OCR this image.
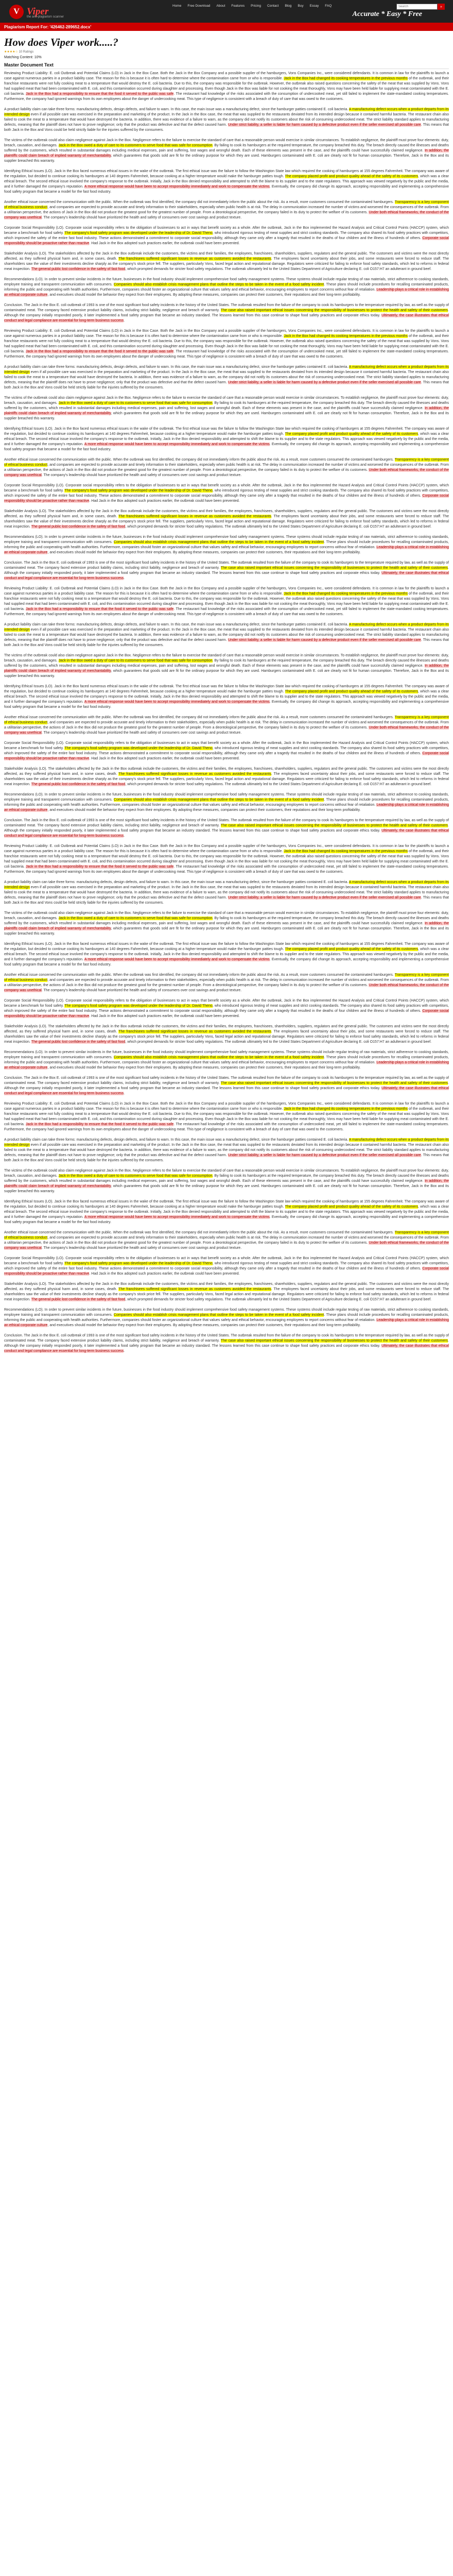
V Viper
the anti-plagiarism scanner
Home	Free Download	About	Features	Pricing	Contact	Blog	Buy	Essay	FAQ
Search	»
Accurate * Easy * Free
Plagiarism Report For: '426462-289652.docx'
How does Viper work.....?
★★★★☆ 10 Ratings
Matching Content: 10%
Master Document Text

Reviewing Product Liability: E. coli Outbreak and Potential Claims (LO) in Jack in the Box Case. Both the Jack in the Box Company and a possible supplier of the hamburgers, Vons Companies Inc., were considered defendants. It is common in law for the plaintiffs to launch a case against numerous parties in a product liability case. The reason for this is because it is often hard to determine where the contamination came from or who is responsible. Jack in the Box had changed its cooking temperatures in the previous months of the outbreak, and their franchise restaurants were not fully cooking meat to a temperature that would destroy the E. coli bacteria. Due to this, the company was responsible for the outbreak. However, the outbreak also raised questions concerning the safety of the meat that was supplied by Vons. Vons had supplied meat that had been contaminated with E. coli, and this contamination occurred during slaughter and processing. Even though Jack in the Box was liable for not cooking the meat thoroughly, Vons may have been held liable for supplying meat contaminated with the E. coli bacteria. Jack in the Box had a responsibility to ensure that the food it served to the public was safe. The restaurant had knowledge of the risks associated with the consumption of undercooked meat, yet still failed to implement the state-mandated cooking temperatures. Furthermore, the company had ignored warnings from its own employees about the danger of undercooking meat. This type of negligence is consistent with a breach of duty of care that was owed to the customers.

A product liability claim can take three forms: manufacturing defects, design defects, and failure to warn. In this case, the main issue was a manufacturing defect, since the hamburger patties contained E. coli bacteria. A manufacturing defect occurs when a product departs from its intended design even if all possible care was exercised in the preparation and marketing of the product. In the Jack in the Box case, the meat that was supplied to the restaurants deviated from its intended design because it contained harmful bacteria. The restaurant chain also failed to cook the meat to a temperature that would have destroyed the bacteria. In addition, there was evidence of a failure to warn, as the company did not notify its customers about the risk of consuming undercooked meat. The strict liability standard applies to manufacturing defects, meaning that the plaintiff does not have to prove negligence; only that the product was defective and that the defect caused harm. Under strict liability, a seller is liable for harm caused by a defective product even if the seller exercised all possible care. This means that both Jack in the Box and Vons could be held strictly liable for the injuries suffered by the consumers.

The victims of the outbreak could also claim negligence against Jack in the Box. Negligence refers to the failure to exercise the standard of care that a reasonable person would exercise in similar circumstances. To establish negligence, the plaintiff must prove four elements: duty, breach, causation, and damages. Jack in the Box owed a duty of care to its customers to serve food that was safe for consumption. By failing to cook its hamburgers at the required temperature, the company breached this duty. The breach directly caused the illnesses and deaths suffered by the customers, which resulted in substantial damages including medical expenses, pain and suffering, lost wages and wrongful death. Each of these elements was present in the case, and the plaintiffs could have successfully claimed negligence. In addition, the plaintiffs could claim breach of implied warranty of merchantability, which guarantees that goods sold are fit for the ordinary purpose for which they are used. Hamburgers contaminated with E. coli are clearly not fit for human consumption. Therefore, Jack in the Box and its supplier breached this warranty.

Identifying Ethical Issues (LO). Jack in the Box faced numerous ethical issues in the wake of the outbreak. The first ethical issue was the failure to follow the Washington State law which required the cooking of hamburgers at 155 degrees Fahrenheit. The company was aware of the regulation, but decided to continue cooking its hamburgers at 140 degrees Fahrenheit, because cooking at a higher temperature would make the hamburger patties tough. The company placed profit and product quality ahead of the safety of its customers, which was a clear ethical breach. The second ethical issue involved the company's response to the outbreak. Initially, Jack in the Box denied responsibility and attempted to shift the blame to its supplier and to the state regulators. This approach was viewed negatively by the public and the media, and it further damaged the company's reputation. A more ethical response would have been to accept responsibility immediately and work to compensate the victims. Eventually, the company did change its approach, accepting responsibility and implementing a comprehensive food safety program that became a model for the fast food industry.

Another ethical issue concerned the communication with the public. When the outbreak was first identified, the company did not immediately inform the public about the risk. As a result, more customers consumed the contaminated hamburgers. Transparency is a key component of ethical business conduct, and companies are expected to provide accurate and timely information to their stakeholders, especially when public health is at risk. The delay in communication increased the number of victims and worsened the consequences of the outbreak. From a utilitarian perspective, the actions of Jack in the Box did not produce the greatest good for the greatest number of people. From a deontological perspective, the company failed in its duty to protect the welfare of its customers. Under both ethical frameworks, the conduct of the company was unethical. The company's leadership should have prioritized the health and safety of consumers over cost savings and product texture.

Corporate Social Responsibility (LO). Corporate social responsibility refers to the obligation of businesses to act in ways that benefit society as a whole. After the outbreak, Jack in the Box implemented the Hazard Analysis and Critical Control Points (HACCP) system, which became a benchmark for food safety. The company's food safety program was developed under the leadership of Dr. David Theno, who introduced rigorous testing of meat supplies and strict cooking standards. The company also shared its food safety practices with competitors, which improved the safety of the entire fast food industry. These actions demonstrated a commitment to corporate social responsibility, although they came only after a tragedy that resulted in the deaths of four children and the illness of hundreds of others. Corporate social responsibility should be proactive rather than reactive. Had Jack in the Box adopted such practices earlier, the outbreak could have been prevented.

Stakeholder Analysis (LO). The stakeholders affected by the Jack in the Box outbreak include the customers, the victims and their families, the employees, franchisees, shareholders, suppliers, regulators and the general public. The customers and victims were the most directly affected, as they suffered physical harm and, in some cases, death. The franchisees suffered significant losses in revenue as customers avoided the restaurants. The employees faced uncertainty about their jobs, and some restaurants were forced to reduce staff. The shareholders saw the value of their investments decline sharply as the company's stock price fell. The suppliers, particularly Vons, faced legal action and reputational damage. Regulators were criticized for failing to enforce food safety standards, which led to reforms in federal meat inspection. The general public lost confidence in the safety of fast food, which prompted demands for stricter food safety regulations. The outbreak ultimately led to the United States Department of Agriculture declaring E. coli O157:H7 an adulterant in ground beef.

Recommendations (LO). In order to prevent similar incidents in the future, businesses in the food industry should implement comprehensive food safety management systems. These systems should include regular testing of raw materials, strict adherence to cooking standards, employee training and transparent communication with consumers. Companies should also establish crisis management plans that outline the steps to be taken in the event of a food safety incident. These plans should include procedures for recalling contaminated products, informing the public and cooperating with health authorities. Furthermore, companies should foster an organizational culture that values safety and ethical behavior, encouraging employees to report concerns without fear of retaliation. Leadership plays a critical role in establishing an ethical corporate culture, and executives should model the behavior they expect from their employees. By adopting these measures, companies can protect their customers, their reputations and their long-term profitability.

Conclusion. The Jack in the Box E. coli outbreak of 1993 is one of the most significant food safety incidents in the history of the United States. The outbreak resulted from the failure of the company to cook its hamburgers to the temperature required by law, as well as the supply of contaminated meat. The company faced extensive product liability claims, including strict liability, negligence and breach of warranty. The case also raised important ethical issues concerning the responsibility of businesses to protect the health and safety of their customers. Although the company initially responded poorly, it later implemented a food safety program that became an industry standard. The lessons learned from this case continue to shape food safety practices and corporate ethics today. Ultimately, the case illustrates that ethical conduct and legal compliance are essential for long-term business success.

Reviewing Product Liability: E. coli Outbreak and Potential Claims (LO) in Jack in the Box Case. Both the Jack in the Box Company and a possible supplier of the hamburgers, Vons Companies Inc., were considered defendants. It is common in law for the plaintiffs to launch a case against numerous parties in a product liability case. The reason for this is because it is often hard to determine where the contamination came from or who is responsible. Jack in the Box had changed its cooking temperatures in the previous months of the outbreak, and their franchise restaurants were not fully cooking meat to a temperature that would destroy the E. coli bacteria. Due to this, the company was responsible for the outbreak. However, the outbreak also raised questions concerning the safety of the meat that was supplied by Vons. Vons had supplied meat that had been contaminated with E. coli, and this contamination occurred during slaughter and processing. Even though Jack in the Box was liable for not cooking the meat thoroughly, Vons may have been held liable for supplying meat contaminated with the E. coli bacteria. Jack in the Box had a responsibility to ensure that the food it served to the public was safe. The restaurant had knowledge of the risks associated with the consumption of undercooked meat, yet still failed to implement the state-mandated cooking temperatures. Furthermore, the company had ignored warnings from its own employees about the danger of undercooking meat. This type of negligence is consistent with a breach of duty of care that was owed to the customers.

A product liability claim can take three forms: manufacturing defects, design defects, and failure to warn. In this case, the main issue was a manufacturing defect, since the hamburger patties contained E. coli bacteria. A manufacturing defect occurs when a product departs from its intended design even if all possible care was exercised in the preparation and marketing of the product. In the Jack in the Box case, the meat that was supplied to the restaurants deviated from its intended design because it contained harmful bacteria. The restaurant chain also failed to cook the meat to a temperature that would have destroyed the bacteria. In addition, there was evidence of a failure to warn, as the company did not notify its customers about the risk of consuming undercooked meat. The strict liability standard applies to manufacturing defects, meaning that the plaintiff does not have to prove negligence; only that the product was defective and that the defect caused harm. Under strict liability, a seller is liable for harm caused by a defective product even if the seller exercised all possible care. This means that both Jack in the Box and Vons could be held strictly liable for the injuries suffered by the consumers.

The victims of the outbreak could also claim negligence against Jack in the Box. Negligence refers to the failure to exercise the standard of care that a reasonable person would exercise in similar circumstances. To establish negligence, the plaintiff must prove four elements: duty, breach, causation, and damages. Jack in the Box owed a duty of care to its customers to serve food that was safe for consumption. By failing to cook its hamburgers at the required temperature, the company breached this duty. The breach directly caused the illnesses and deaths suffered by the customers, which resulted in substantial damages including medical expenses, pain and suffering, lost wages and wrongful death. Each of these elements was present in the case, and the plaintiffs could have successfully claimed negligence. In addition, the plaintiffs could claim breach of implied warranty of merchantability, which guarantees that goods sold are fit for the ordinary purpose for which they are used. Hamburgers contaminated with E. coli are clearly not fit for human consumption. Therefore, Jack in the Box and its supplier breached this warranty.

Identifying Ethical Issues (LO). Jack in the Box faced numerous ethical issues in the wake of the outbreak. The first ethical issue was the failure to follow the Washington State law which required the cooking of hamburgers at 155 degrees Fahrenheit. The company was aware of the regulation, but decided to continue cooking its hamburgers at 140 degrees Fahrenheit, because cooking at a higher temperature would make the hamburger patties tough. The company placed profit and product quality ahead of the safety of its customers, which was a clear ethical breach. The second ethical issue involved the company's response to the outbreak. Initially, Jack in the Box denied responsibility and attempted to shift the blame to its supplier and to the state regulators. This approach was viewed negatively by the public and the media, and it further damaged the company's reputation. A more ethical response would have been to accept responsibility immediately and work to compensate the victims. Eventually, the company did change its approach, accepting responsibility and implementing a comprehensive food safety program that became a model for the fast food industry.

Another ethical issue concerned the communication with the public. When the outbreak was first identified, the company did not immediately inform the public about the risk. As a result, more customers consumed the contaminated hamburgers. Transparency is a key component of ethical business conduct, and companies are expected to provide accurate and timely information to their stakeholders, especially when public health is at risk. The delay in communication increased the number of victims and worsened the consequences of the outbreak. From a utilitarian perspective, the actions of Jack in the Box did not produce the greatest good for the greatest number of people. From a deontological perspective, the company failed in its duty to protect the welfare of its customers. Under both ethical frameworks, the conduct of the company was unethical. The company's leadership should have prioritized the health and safety of consumers over cost savings and product texture.

Corporate Social Responsibility (LO). Corporate social responsibility refers to the obligation of businesses to act in ways that benefit society as a whole. After the outbreak, Jack in the Box implemented the Hazard Analysis and Critical Control Points (HACCP) system, which became a benchmark for food safety. The company's food safety program was developed under the leadership of Dr. David Theno, who introduced rigorous testing of meat supplies and strict cooking standards. The company also shared its food safety practices with competitors, which improved the safety of the entire fast food industry. These actions demonstrated a commitment to corporate social responsibility, although they came only after a tragedy that resulted in the deaths of four children and the illness of hundreds of others. Corporate social responsibility should be proactive rather than reactive. Had Jack in the Box adopted such practices earlier, the outbreak could have been prevented.

Stakeholder Analysis (LO). The stakeholders affected by the Jack in the Box outbreak include the customers, the victims and their families, the employees, franchisees, shareholders, suppliers, regulators and the general public. The customers and victims were the most directly affected, as they suffered physical harm and, in some cases, death. The franchisees suffered significant losses in revenue as customers avoided the restaurants. The employees faced uncertainty about their jobs, and some restaurants were forced to reduce staff. The shareholders saw the value of their investments decline sharply as the company's stock price fell. The suppliers, particularly Vons, faced legal action and reputational damage. Regulators were criticized for failing to enforce food safety standards, which led to reforms in federal meat inspection. The general public lost confidence in the safety of fast food, which prompted demands for stricter food safety regulations. The outbreak ultimately led to the United States Department of Agriculture declaring E. coli O157:H7 an adulterant in ground beef.

Recommendations (LO). In order to prevent similar incidents in the future, businesses in the food industry should implement comprehensive food safety management systems. These systems should include regular testing of raw materials, strict adherence to cooking standards, employee training and transparent communication with consumers. Companies should also establish crisis management plans that outline the steps to be taken in the event of a food safety incident. These plans should include procedures for recalling contaminated products, informing the public and cooperating with health authorities. Furthermore, companies should foster an organizational culture that values safety and ethical behavior, encouraging employees to report concerns without fear of retaliation. Leadership plays a critical role in establishing an ethical corporate culture, and executives should model the behavior they expect from their employees. By adopting these measures, companies can protect their customers, their reputations and their long-term profitability.

Conclusion. The Jack in the Box E. coli outbreak of 1993 is one of the most significant food safety incidents in the history of the United States. The outbreak resulted from the failure of the company to cook its hamburgers to the temperature required by law, as well as the supply of contaminated meat. The company faced extensive product liability claims, including strict liability, negligence and breach of warranty. The case also raised important ethical issues concerning the responsibility of businesses to protect the health and safety of their customers. Although the company initially responded poorly, it later implemented a food safety program that became an industry standard. The lessons learned from this case continue to shape food safety practices and corporate ethics today. Ultimately, the case illustrates that ethical conduct and legal compliance are essential for long-term business success.

Reviewing Product Liability: E. coli Outbreak and Potential Claims (LO) in Jack in the Box Case. Both the Jack in the Box Company and a possible supplier of the hamburgers, Vons Companies Inc., were considered defendants. It is common in law for the plaintiffs to launch a case against numerous parties in a product liability case. The reason for this is because it is often hard to determine where the contamination came from or who is responsible. Jack in the Box had changed its cooking temperatures in the previous months of the outbreak, and their franchise restaurants were not fully cooking meat to a temperature that would destroy the E. coli bacteria. Due to this, the company was responsible for the outbreak. However, the outbreak also raised questions concerning the safety of the meat that was supplied by Vons. Vons had supplied meat that had been contaminated with E. coli, and this contamination occurred during slaughter and processing. Even though Jack in the Box was liable for not cooking the meat thoroughly, Vons may have been held liable for supplying meat contaminated with the E. coli bacteria. Jack in the Box had a responsibility to ensure that the food it served to the public was safe. The restaurant had knowledge of the risks associated with the consumption of undercooked meat, yet still failed to implement the state-mandated cooking temperatures. Furthermore, the company had ignored warnings from its own employees about the danger of undercooking meat. This type of negligence is consistent with a breach of duty of care that was owed to the customers.

A product liability claim can take three forms: manufacturing defects, design defects, and failure to warn. In this case, the main issue was a manufacturing defect, since the hamburger patties contained E. coli bacteria. A manufacturing defect occurs when a product departs from its intended design even if all possible care was exercised in the preparation and marketing of the product. In the Jack in the Box case, the meat that was supplied to the restaurants deviated from its intended design because it contained harmful bacteria. The restaurant chain also failed to cook the meat to a temperature that would have destroyed the bacteria. In addition, there was evidence of a failure to warn, as the company did not notify its customers about the risk of consuming undercooked meat. The strict liability standard applies to manufacturing defects, meaning that the plaintiff does not have to prove negligence; only that the product was defective and that the defect caused harm. Under strict liability, a seller is liable for harm caused by a defective product even if the seller exercised all possible care. This means that both Jack in the Box and Vons could be held strictly liable for the injuries suffered by the consumers.

The victims of the outbreak could also claim negligence against Jack in the Box. Negligence refers to the failure to exercise the standard of care that a reasonable person would exercise in similar circumstances. To establish negligence, the plaintiff must prove four elements: duty, breach, causation, and damages. Jack in the Box owed a duty of care to its customers to serve food that was safe for consumption. By failing to cook its hamburgers at the required temperature, the company breached this duty. The breach directly caused the illnesses and deaths suffered by the customers, which resulted in substantial damages including medical expenses, pain and suffering, lost wages and wrongful death. Each of these elements was present in the case, and the plaintiffs could have successfully claimed negligence. In addition, the plaintiffs could claim breach of implied warranty of merchantability, which guarantees that goods sold are fit for the ordinary purpose for which they are used. Hamburgers contaminated with E. coli are clearly not fit for human consumption. Therefore, Jack in the Box and its supplier breached this warranty.

Identifying Ethical Issues (LO). Jack in the Box faced numerous ethical issues in the wake of the outbreak. The first ethical issue was the failure to follow the Washington State law which required the cooking of hamburgers at 155 degrees Fahrenheit. The company was aware of the regulation, but decided to continue cooking its hamburgers at 140 degrees Fahrenheit, because cooking at a higher temperature would make the hamburger patties tough. The company placed profit and product quality ahead of the safety of its customers, which was a clear ethical breach. The second ethical issue involved the company's response to the outbreak. Initially, Jack in the Box denied responsibility and attempted to shift the blame to its supplier and to the state regulators. This approach was viewed negatively by the public and the media, and it further damaged the company's reputation. A more ethical response would have been to accept responsibility immediately and work to compensate the victims. Eventually, the company did change its approach, accepting responsibility and implementing a comprehensive food safety program that became a model for the fast food industry.

Another ethical issue concerned the communication with the public. When the outbreak was first identified, the company did not immediately inform the public about the risk. As a result, more customers consumed the contaminated hamburgers. Transparency is a key component of ethical business conduct, and companies are expected to provide accurate and timely information to their stakeholders, especially when public health is at risk. The delay in communication increased the number of victims and worsened the consequences of the outbreak. From a utilitarian perspective, the actions of Jack in the Box did not produce the greatest good for the greatest number of people. From a deontological perspective, the company failed in its duty to protect the welfare of its customers. Under both ethical frameworks, the conduct of the company was unethical. The company's leadership should have prioritized the health and safety of consumers over cost savings and product texture.

Corporate Social Responsibility (LO). Corporate social responsibility refers to the obligation of businesses to act in ways that benefit society as a whole. After the outbreak, Jack in the Box implemented the Hazard Analysis and Critical Control Points (HACCP) system, which became a benchmark for food safety. The company's food safety program was developed under the leadership of Dr. David Theno, who introduced rigorous testing of meat supplies and strict cooking standards. The company also shared its food safety practices with competitors, which improved the safety of the entire fast food industry. These actions demonstrated a commitment to corporate social responsibility, although they came only after a tragedy that resulted in the deaths of four children and the illness of hundreds of others. Corporate social responsibility should be proactive rather than reactive. Had Jack in the Box adopted such practices earlier, the outbreak could have been prevented.

Stakeholder Analysis (LO). The stakeholders affected by the Jack in the Box outbreak include the customers, the victims and their families, the employees, franchisees, shareholders, suppliers, regulators and the general public. The customers and victims were the most directly affected, as they suffered physical harm and, in some cases, death. The franchisees suffered significant losses in revenue as customers avoided the restaurants. The employees faced uncertainty about their jobs, and some restaurants were forced to reduce staff. The shareholders saw the value of their investments decline sharply as the company's stock price fell. The suppliers, particularly Vons, faced legal action and reputational damage. Regulators were criticized for failing to enforce food safety standards, which led to reforms in federal meat inspection. The general public lost confidence in the safety of fast food, which prompted demands for stricter food safety regulations. The outbreak ultimately led to the United States Department of Agriculture declaring E. coli O157:H7 an adulterant in ground beef.

Recommendations (LO). In order to prevent similar incidents in the future, businesses in the food industry should implement comprehensive food safety management systems. These systems should include regular testing of raw materials, strict adherence to cooking standards, employee training and transparent communication with consumers. Companies should also establish crisis management plans that outline the steps to be taken in the event of a food safety incident. These plans should include procedures for recalling contaminated products, informing the public and cooperating with health authorities. Furthermore, companies should foster an organizational culture that values safety and ethical behavior, encouraging employees to report concerns without fear of retaliation. Leadership plays a critical role in establishing an ethical corporate culture, and executives should model the behavior they expect from their employees. By adopting these measures, companies can protect their customers, their reputations and their long-term profitability.

Conclusion. The Jack in the Box E. coli outbreak of 1993 is one of the most significant food safety incidents in the history of the United States. The outbreak resulted from the failure of the company to cook its hamburgers to the temperature required by law, as well as the supply of contaminated meat. The company faced extensive product liability claims, including strict liability, negligence and breach of warranty. The case also raised important ethical issues concerning the responsibility of businesses to protect the health and safety of their customers. Although the company initially responded poorly, it later implemented a food safety program that became an industry standard. The lessons learned from this case continue to shape food safety practices and corporate ethics today. Ultimately, the case illustrates that ethical conduct and legal compliance are essential for long-term business success.

Reviewing Product Liability: E. coli Outbreak and Potential Claims (LO) in Jack in the Box Case. Both the Jack in the Box Company and a possible supplier of the hamburgers, Vons Companies Inc., were considered defendants. It is common in law for the plaintiffs to launch a case against numerous parties in a product liability case. The reason for this is because it is often hard to determine where the contamination came from or who is responsible. Jack in the Box had changed its cooking temperatures in the previous months of the outbreak, and their franchise restaurants were not fully cooking meat to a temperature that would destroy the E. coli bacteria. Due to this, the company was responsible for the outbreak. However, the outbreak also raised questions concerning the safety of the meat that was supplied by Vons. Vons had supplied meat that had been contaminated with E. coli, and this contamination occurred during slaughter and processing. Even though Jack in the Box was liable for not cooking the meat thoroughly, Vons may have been held liable for supplying meat contaminated with the E. coli bacteria. Jack in the Box had a responsibility to ensure that the food it served to the public was safe. The restaurant had knowledge of the risks associated with the consumption of undercooked meat, yet still failed to implement the state-mandated cooking temperatures. Furthermore, the company had ignored warnings from its own employees about the danger of undercooking meat. This type of negligence is consistent with a breach of duty of care that was owed to the customers.

A product liability claim can take three forms: manufacturing defects, design defects, and failure to warn. In this case, the main issue was a manufacturing defect, since the hamburger patties contained E. coli bacteria. A manufacturing defect occurs when a product departs from its intended design even if all possible care was exercised in the preparation and marketing of the product. In the Jack in the Box case, the meat that was supplied to the restaurants deviated from its intended design because it contained harmful bacteria. The restaurant chain also failed to cook the meat to a temperature that would have destroyed the bacteria. In addition, there was evidence of a failure to warn, as the company did not notify its customers about the risk of consuming undercooked meat. The strict liability standard applies to manufacturing defects, meaning that the plaintiff does not have to prove negligence; only that the product was defective and that the defect caused harm. Under strict liability, a seller is liable for harm caused by a defective product even if the seller exercised all possible care. This means that both Jack in the Box and Vons could be held strictly liable for the injuries suffered by the consumers.

The victims of the outbreak could also claim negligence against Jack in the Box. Negligence refers to the failure to exercise the standard of care that a reasonable person would exercise in similar circumstances. To establish negligence, the plaintiff must prove four elements: duty, breach, causation, and damages. Jack in the Box owed a duty of care to its customers to serve food that was safe for consumption. By failing to cook its hamburgers at the required temperature, the company breached this duty. The breach directly caused the illnesses and deaths suffered by the customers, which resulted in substantial damages including medical expenses, pain and suffering, lost wages and wrongful death. Each of these elements was present in the case, and the plaintiffs could have successfully claimed negligence. In addition, the plaintiffs could claim breach of implied warranty of merchantability, which guarantees that goods sold are fit for the ordinary purpose for which they are used. Hamburgers contaminated with E. coli are clearly not fit for human consumption. Therefore, Jack in the Box and its supplier breached this warranty.

Identifying Ethical Issues (LO). Jack in the Box faced numerous ethical issues in the wake of the outbreak. The first ethical issue was the failure to follow the Washington State law which required the cooking of hamburgers at 155 degrees Fahrenheit. The company was aware of the regulation, but decided to continue cooking its hamburgers at 140 degrees Fahrenheit, because cooking at a higher temperature would make the hamburger patties tough. The company placed profit and product quality ahead of the safety of its customers, which was a clear ethical breach. The second ethical issue involved the company's response to the outbreak. Initially, Jack in the Box denied responsibility and attempted to shift the blame to its supplier and to the state regulators. This approach was viewed negatively by the public and the media, and it further damaged the company's reputation. A more ethical response would have been to accept responsibility immediately and work to compensate the victims. Eventually, the company did change its approach, accepting responsibility and implementing a comprehensive food safety program that became a model for the fast food industry.

Another ethical issue concerned the communication with the public. When the outbreak was first identified, the company did not immediately inform the public about the risk. As a result, more customers consumed the contaminated hamburgers. Transparency is a key component of ethical business conduct, and companies are expected to provide accurate and timely information to their stakeholders, especially when public health is at risk. The delay in communication increased the number of victims and worsened the consequences of the outbreak. From a utilitarian perspective, the actions of Jack in the Box did not produce the greatest good for the greatest number of people. From a deontological perspective, the company failed in its duty to protect the welfare of its customers. Under both ethical frameworks, the conduct of the company was unethical. The company's leadership should have prioritized the health and safety of consumers over cost savings and product texture.

Corporate Social Responsibility (LO). Corporate social responsibility refers to the obligation of businesses to act in ways that benefit society as a whole. After the outbreak, Jack in the Box implemented the Hazard Analysis and Critical Control Points (HACCP) system, which became a benchmark for food safety. The company's food safety program was developed under the leadership of Dr. David Theno, who introduced rigorous testing of meat supplies and strict cooking standards. The company also shared its food safety practices with competitors, which improved the safety of the entire fast food industry. These actions demonstrated a commitment to corporate social responsibility, although they came only after a tragedy that resulted in the deaths of four children and the illness of hundreds of others. Corporate social responsibility should be proactive rather than reactive. Had Jack in the Box adopted such practices earlier, the outbreak could have been prevented.

Stakeholder Analysis (LO). The stakeholders affected by the Jack in the Box outbreak include the customers, the victims and their families, the employees, franchisees, shareholders, suppliers, regulators and the general public. The customers and victims were the most directly affected, as they suffered physical harm and, in some cases, death. The franchisees suffered significant losses in revenue as customers avoided the restaurants. The employees faced uncertainty about their jobs, and some restaurants were forced to reduce staff. The shareholders saw the value of their investments decline sharply as the company's stock price fell. The suppliers, particularly Vons, faced legal action and reputational damage. Regulators were criticized for failing to enforce food safety standards, which led to reforms in federal meat inspection. The general public lost confidence in the safety of fast food, which prompted demands for stricter food safety regulations. The outbreak ultimately led to the United States Department of Agriculture declaring E. coli O157:H7 an adulterant in ground beef.

Recommendations (LO). In order to prevent similar incidents in the future, businesses in the food industry should implement comprehensive food safety management systems. These systems should include regular testing of raw materials, strict adherence to cooking standards, employee training and transparent communication with consumers. Companies should also establish crisis management plans that outline the steps to be taken in the event of a food safety incident. These plans should include procedures for recalling contaminated products, informing the public and cooperating with health authorities. Furthermore, companies should foster an organizational culture that values safety and ethical behavior, encouraging employees to report concerns without fear of retaliation. Leadership plays a critical role in establishing an ethical corporate culture, and executives should model the behavior they expect from their employees. By adopting these measures, companies can protect their customers, their reputations and their long-term profitability.

Conclusion. The Jack in the Box E. coli outbreak of 1993 is one of the most significant food safety incidents in the history of the United States. The outbreak resulted from the failure of the company to cook its hamburgers to the temperature required by law, as well as the supply of contaminated meat. The company faced extensive product liability claims, including strict liability, negligence and breach of warranty. The case also raised important ethical issues concerning the responsibility of businesses to protect the health and safety of their customers. Although the company initially responded poorly, it later implemented a food safety program that became an industry standard. The lessons learned from this case continue to shape food safety practices and corporate ethics today. Ultimately, the case illustrates that ethical conduct and legal compliance are essential for long-term business success.

Reviewing Product Liability: E. coli Outbreak and Potential Claims (LO) in Jack in the Box Case. Both the Jack in the Box Company and a possible supplier of the hamburgers, Vons Companies Inc., were considered defendants. It is common in law for the plaintiffs to launch a case against numerous parties in a product liability case. The reason for this is because it is often hard to determine where the contamination came from or who is responsible. Jack in the Box had changed its cooking temperatures in the previous months of the outbreak, and their franchise restaurants were not fully cooking meat to a temperature that would destroy the E. coli bacteria. Due to this, the company was responsible for the outbreak. However, the outbreak also raised questions concerning the safety of the meat that was supplied by Vons. Vons had supplied meat that had been contaminated with E. coli, and this contamination occurred during slaughter and processing. Even though Jack in the Box was liable for not cooking the meat thoroughly, Vons may have been held liable for supplying meat contaminated with the E. coli bacteria. Jack in the Box had a responsibility to ensure that the food it served to the public was safe. The restaurant had knowledge of the risks associated with the consumption of undercooked meat, yet still failed to implement the state-mandated cooking temperatures. Furthermore, the company had ignored warnings from its own employees about the danger of undercooking meat. This type of negligence is consistent with a breach of duty of care that was owed to the customers.

A product liability claim can take three forms: manufacturing defects, design defects, and failure to warn. In this case, the main issue was a manufacturing defect, since the hamburger patties contained E. coli bacteria. A manufacturing defect occurs when a product departs from its intended design even if all possible care was exercised in the preparation and marketing of the product. In the Jack in the Box case, the meat that was supplied to the restaurants deviated from its intended design because it contained harmful bacteria. The restaurant chain also failed to cook the meat to a temperature that would have destroyed the bacteria. In addition, there was evidence of a failure to warn, as the company did not notify its customers about the risk of consuming undercooked meat. The strict liability standard applies to manufacturing defects, meaning that the plaintiff does not have to prove negligence; only that the product was defective and that the defect caused harm. Under strict liability, a seller is liable for harm caused by a defective product even if the seller exercised all possible care. This means that both Jack in the Box and Vons could be held strictly liable for the injuries suffered by the consumers.

The victims of the outbreak could also claim negligence against Jack in the Box. Negligence refers to the failure to exercise the standard of care that a reasonable person would exercise in similar circumstances. To establish negligence, the plaintiff must prove four elements: duty, breach, causation, and damages. Jack in the Box owed a duty of care to its customers to serve food that was safe for consumption. By failing to cook its hamburgers at the required temperature, the company breached this duty. The breach directly caused the illnesses and deaths suffered by the customers, which resulted in substantial damages including medical expenses, pain and suffering, lost wages and wrongful death. Each of these elements was present in the case, and the plaintiffs could have successfully claimed negligence. In addition, the plaintiffs could claim breach of implied warranty of merchantability, which guarantees that goods sold are fit for the ordinary purpose for which they are used. Hamburgers contaminated with E. coli are clearly not fit for human consumption. Therefore, Jack in the Box and its supplier breached this warranty.

Identifying Ethical Issues (LO). Jack in the Box faced numerous ethical issues in the wake of the outbreak. The first ethical issue was the failure to follow the Washington State law which required the cooking of hamburgers at 155 degrees Fahrenheit. The company was aware of the regulation, but decided to continue cooking its hamburgers at 140 degrees Fahrenheit, because cooking at a higher temperature would make the hamburger patties tough. The company placed profit and product quality ahead of the safety of its customers, which was a clear ethical breach. The second ethical issue involved the company's response to the outbreak. Initially, Jack in the Box denied responsibility and attempted to shift the blame to its supplier and to the state regulators. This approach was viewed negatively by the public and the media, and it further damaged the company's reputation. A more ethical response would have been to accept responsibility immediately and work to compensate the victims. Eventually, the company did change its approach, accepting responsibility and implementing a comprehensive food safety program that became a model for the fast food industry.

Another ethical issue concerned the communication with the public. When the outbreak was first identified, the company did not immediately inform the public about the risk. As a result, more customers consumed the contaminated hamburgers. Transparency is a key component of ethical business conduct, and companies are expected to provide accurate and timely information to their stakeholders, especially when public health is at risk. The delay in communication increased the number of victims and worsened the consequences of the outbreak. From a utilitarian perspective, the actions of Jack in the Box did not produce the greatest good for the greatest number of people. From a deontological perspective, the company failed in its duty to protect the welfare of its customers. Under both ethical frameworks, the conduct of the company was unethical. The company's leadership should have prioritized the health and safety of consumers over cost savings and product texture.

Corporate Social Responsibility (LO). Corporate social responsibility refers to the obligation of businesses to act in ways that benefit society as a whole. After the outbreak, Jack in the Box implemented the Hazard Analysis and Critical Control Points (HACCP) system, which became a benchmark for food safety. The company's food safety program was developed under the leadership of Dr. David Theno, who introduced rigorous testing of meat supplies and strict cooking standards. The company also shared its food safety practices with competitors, which improved the safety of the entire fast food industry. These actions demonstrated a commitment to corporate social responsibility, although they came only after a tragedy that resulted in the deaths of four children and the illness of hundreds of others. Corporate social responsibility should be proactive rather than reactive. Had Jack in the Box adopted such practices earlier, the outbreak could have been prevented.

Stakeholder Analysis (LO). The stakeholders affected by the Jack in the Box outbreak include the customers, the victims and their families, the employees, franchisees, shareholders, suppliers, regulators and the general public. The customers and victims were the most directly affected, as they suffered physical harm and, in some cases, death. The franchisees suffered significant losses in revenue as customers avoided the restaurants. The employees faced uncertainty about their jobs, and some restaurants were forced to reduce staff. The shareholders saw the value of their investments decline sharply as the company's stock price fell. The suppliers, particularly Vons, faced legal action and reputational damage. Regulators were criticized for failing to enforce food safety standards, which led to reforms in federal meat inspection. The general public lost confidence in the safety of fast food, which prompted demands for stricter food safety regulations. The outbreak ultimately led to the United States Department of Agriculture declaring E. coli O157:H7 an adulterant in ground beef.

Recommendations (LO). In order to prevent similar incidents in the future, businesses in the food industry should implement comprehensive food safety management systems. These systems should include regular testing of raw materials, strict adherence to cooking standards, employee training and transparent communication with consumers. Companies should also establish crisis management plans that outline the steps to be taken in the event of a food safety incident. These plans should include procedures for recalling contaminated products, informing the public and cooperating with health authorities. Furthermore, companies should foster an organizational culture that values safety and ethical behavior, encouraging employees to report concerns without fear of retaliation. Leadership plays a critical role in establishing an ethical corporate culture, and executives should model the behavior they expect from their employees. By adopting these measures, companies can protect their customers, their reputations and their long-term profitability.

Conclusion. The Jack in the Box E. coli outbreak of 1993 is one of the most significant food safety incidents in the history of the United States. The outbreak resulted from the failure of the company to cook its hamburgers to the temperature required by law, as well as the supply of contaminated meat. The company faced extensive product liability claims, including strict liability, negligence and breach of warranty. The case also raised important ethical issues concerning the responsibility of businesses to protect the health and safety of their customers. Although the company initially responded poorly, it later implemented a food safety program that became an industry standard. The lessons learned from this case continue to shape food safety practices and corporate ethics today. Ultimately, the case illustrates that ethical conduct and legal compliance are essential for long-term business success.
